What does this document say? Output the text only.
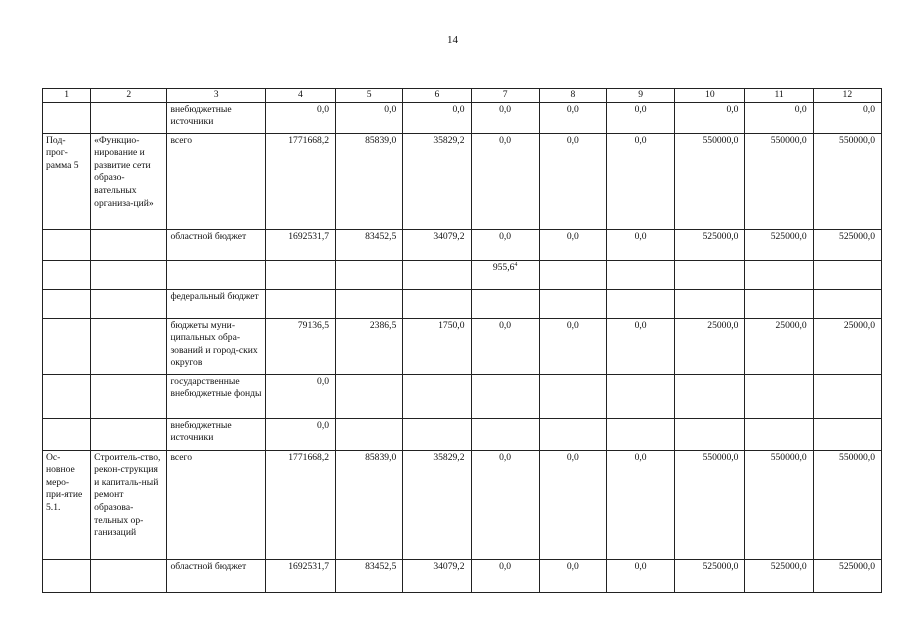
14
1	2	3	4	5	6	7	8	9	10	11	12
		внебюджетные источники	0,0	0,0	0,0	0,0	0,0	0,0	0,0	0,0	0,0
Под-прог-рамма 5	«Функцио-нирование и развитие сети образо-вательных организа-ций»	всего	1771668,2	85839,0	35829,2	0,0	0,0	0,0	550000,0	550000,0	550000,0
		областной бюджет	1692531,7	83452,5	34079,2	0,0	0,0	0,0	525000,0	525000,0	525000,0
						955,6$^4$					
		федеральный бюджет									
		бюджеты муни-ципальных обра-зований и город-ских округов	79136,5	2386,5	1750,0	0,0	0,0	0,0	25000,0	25000,0	25000,0
		государственные внебюджетные фонды	0,0								
		внебюджетные источники	0,0								
Ос-новное меро-при-ятие 5.1.	Строитель-ство, рекон-струкция и капиталь-ный ремонт образова-тельных ор-ганизаций	всего	1771668,2	85839,0	35829,2	0,0	0,0	0,0	550000,0	550000,0	550000,0
		областной бюджет	1692531,7	83452,5	34079,2	0,0	0,0	0,0	525000,0	525000,0	525000,0
